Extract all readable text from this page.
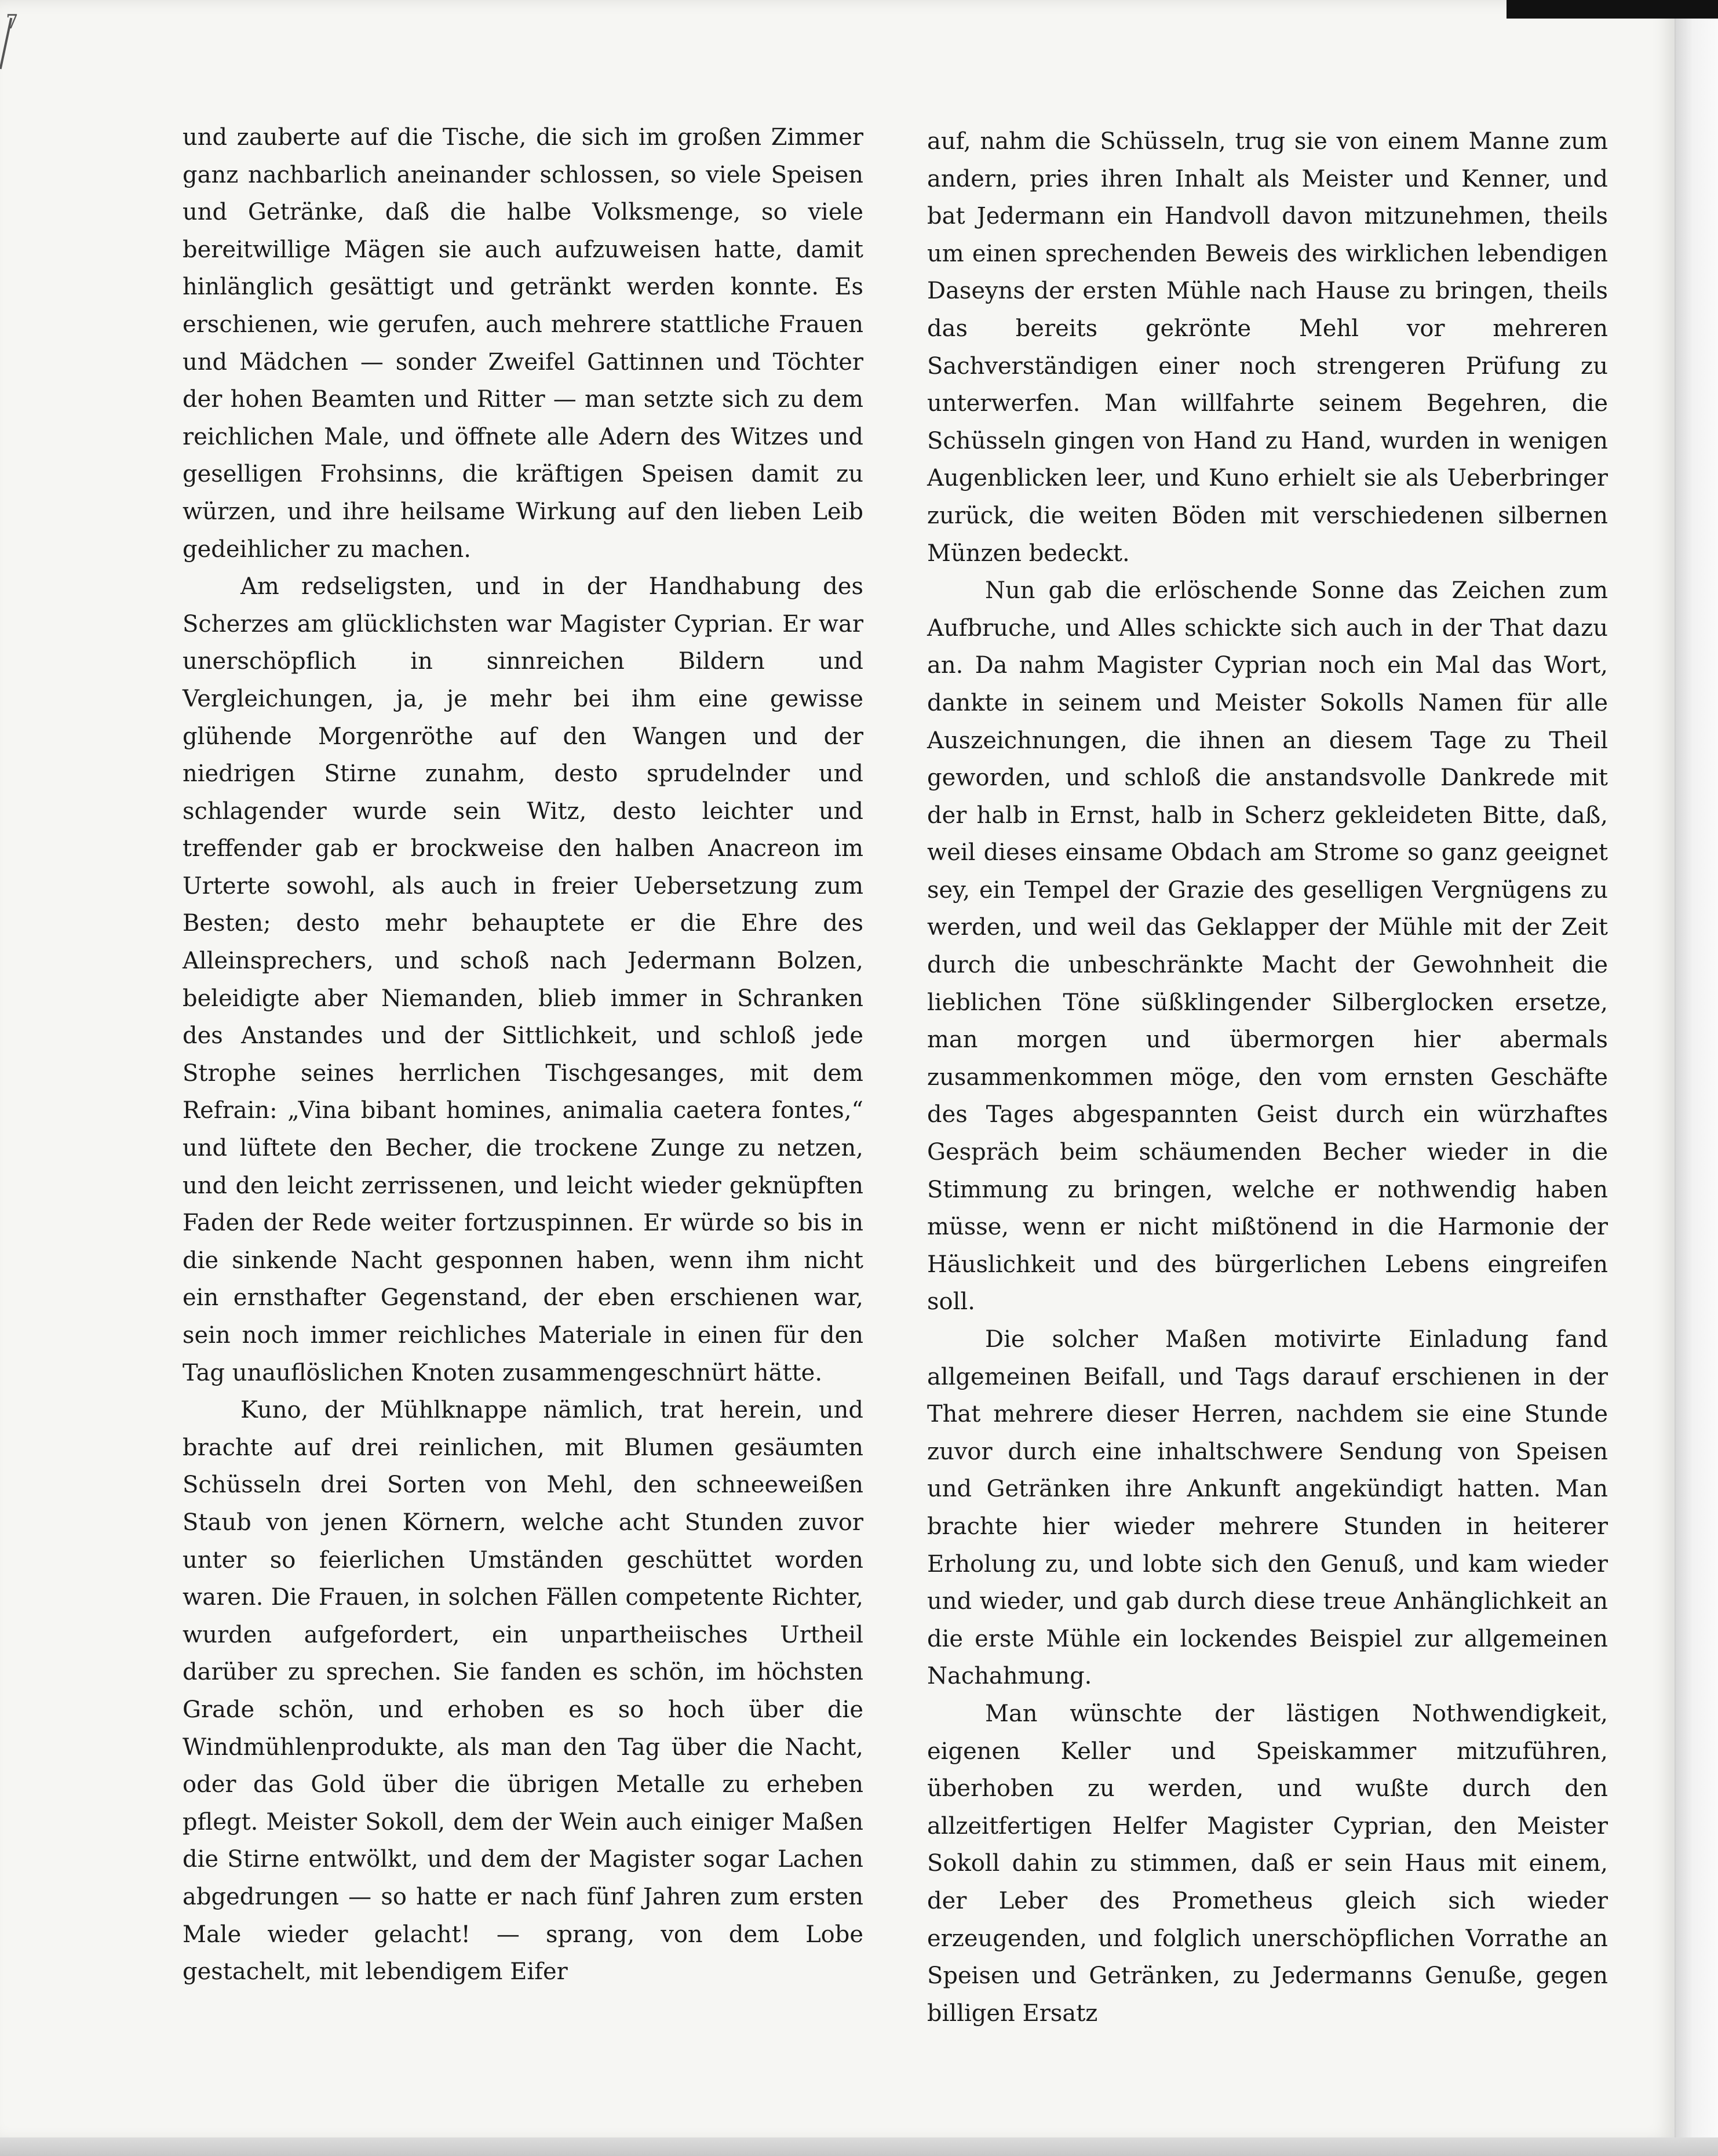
und zauberte auf die Tische, die sich im großen Zimmer ganz nachbarlich aneinander schlossen, so viele Speisen und Getränke, daß die halbe Volksmenge, so viele bereitwillige Mägen sie auch aufzuweisen hatte, damit hinlänglich gesättigt und getränkt werden konnte. Es erschienen, wie gerufen, auch mehrere stattliche Frauen und Mädchen — sonder Zweifel Gattinnen und Töchter der hohen Beamten und Ritter — man setzte sich zu dem reichlichen Male, und öffnete alle Adern des Witzes und geselligen Frohsinns, die kräftigen Speisen damit zu würzen, und ihre heilsame Wirkung auf den lieben Leib gedeihlicher zu machen.

Am redseligsten, und in der Handhabung des Scherzes am glücklichsten war Magister Cyprian. Er war unerschöpflich in sinnreichen Bildern und Vergleichungen, ja, je mehr bei ihm eine gewisse glühende Morgenröthe auf den Wangen und der niedrigen Stirne zunahm, desto sprudelnder und schlagender wurde sein Witz, desto leichter und treffender gab er brockweise den halben Anacreon im Urterte sowohl, als auch in freier Uebersetzung zum Besten; desto mehr behauptete er die Ehre des Alleinsprechers, und schoß nach Jedermann Bolzen, beleidigte aber Niemanden, blieb immer in Schranken des Anstandes und der Sittlichkeit, und schloß jede Strophe seines herrlichen Tischgesanges, mit dem Refrain: „Vina bibant homines, animalia caetera fontes,“ und lüftete den Becher, die trockene Zunge zu netzen, und den leicht zerrissenen, und leicht wieder geknüpften Faden der Rede weiter fortzuspinnen. Er würde so bis in die sinkende Nacht gesponnen haben, wenn ihm nicht ein ernsthafter Gegenstand, der eben erschienen war, sein noch immer reichliches Materiale in einen für den Tag unauflöslichen Knoten zusammengeschnürt hätte.

Kuno, der Mühlknappe nämlich, trat herein, und brachte auf drei reinlichen, mit Blumen gesäumten Schüsseln drei Sorten von Mehl, den schneeweißen Staub von jenen Körnern, welche acht Stunden zuvor unter so feierlichen Umständen geschüttet worden waren. Die Frauen, in solchen Fällen competente Richter, wurden aufgefordert, ein unpartheiisches Urtheil darüber zu sprechen. Sie fanden es schön, im höchsten Grade schön, und erhoben es so hoch über die Windmühlenprodukte, als man den Tag über die Nacht, oder das Gold über die übrigen Metalle zu erheben pflegt. Meister Sokoll, dem der Wein auch einiger Maßen die Stirne entwölkt, und dem der Magister sogar Lachen abgedrungen — so hatte er nach fünf Jahren zum ersten Male wieder gelacht! — sprang, von dem Lobe gestachelt, mit lebendigem Eifer

auf, nahm die Schüsseln, trug sie von einem Manne zum andern, pries ihren Inhalt als Meister und Kenner, und bat Jedermann ein Handvoll davon mitzunehmen, theils um einen sprechenden Beweis des wirklichen lebendigen Daseyns der ersten Mühle nach Hause zu bringen, theils das bereits gekrönte Mehl vor mehreren Sachverständigen einer noch strengeren Prüfung zu unterwerfen. Man willfahrte seinem Begehren, die Schüsseln gingen von Hand zu Hand, wurden in wenigen Augenblicken leer, und Kuno erhielt sie als Ueberbringer zurück, die weiten Böden mit verschiedenen silbernen Münzen bedeckt.

Nun gab die erlöschende Sonne das Zeichen zum Aufbruche, und Alles schickte sich auch in der That dazu an. Da nahm Magister Cyprian noch ein Mal das Wort, dankte in seinem und Meister Sokolls Namen für alle Auszeichnungen, die ihnen an diesem Tage zu Theil geworden, und schloß die anstandsvolle Dankrede mit der halb in Ernst, halb in Scherz gekleideten Bitte, daß, weil dieses einsame Obdach am Strome so ganz geeignet sey, ein Tempel der Grazie des geselligen Vergnügens zu werden, und weil das Geklapper der Mühle mit der Zeit durch die unbeschränkte Macht der Gewohnheit die lieblichen Töne süßklingender Silberglocken ersetze, man morgen und übermorgen hier abermals zusammenkommen möge, den vom ernsten Geschäfte des Tages abgespannten Geist durch ein würzhaftes Gespräch beim schäumenden Becher wieder in die Stimmung zu bringen, welche er nothwendig haben müsse, wenn er nicht mißtönend in die Harmonie der Häuslichkeit und des bürgerlichen Lebens eingreifen soll.

Die solcher Maßen motivirte Einladung fand allgemeinen Beifall, und Tags darauf erschienen in der That mehrere dieser Herren, nachdem sie eine Stunde zuvor durch eine inhaltschwere Sendung von Speisen und Getränken ihre Ankunft angekündigt hatten. Man brachte hier wieder mehrere Stunden in heiterer Erholung zu, und lobte sich den Genuß, und kam wieder und wieder, und gab durch diese treue Anhänglichkeit an die erste Mühle ein lockendes Beispiel zur allgemeinen Nachahmung.

Man wünschte der lästigen Nothwendigkeit, eigenen Keller und Speiskammer mitzuführen, überhoben zu werden, und wußte durch den allzeitfertigen Helfer Magister Cyprian, den Meister Sokoll dahin zu stimmen, daß er sein Haus mit einem, der Leber des Prometheus gleich sich wieder erzeugenden, und folglich unerschöpflichen Vorrathe an Speisen und Getränken, zu Jedermanns Genuße, gegen billigen Ersatz

7
